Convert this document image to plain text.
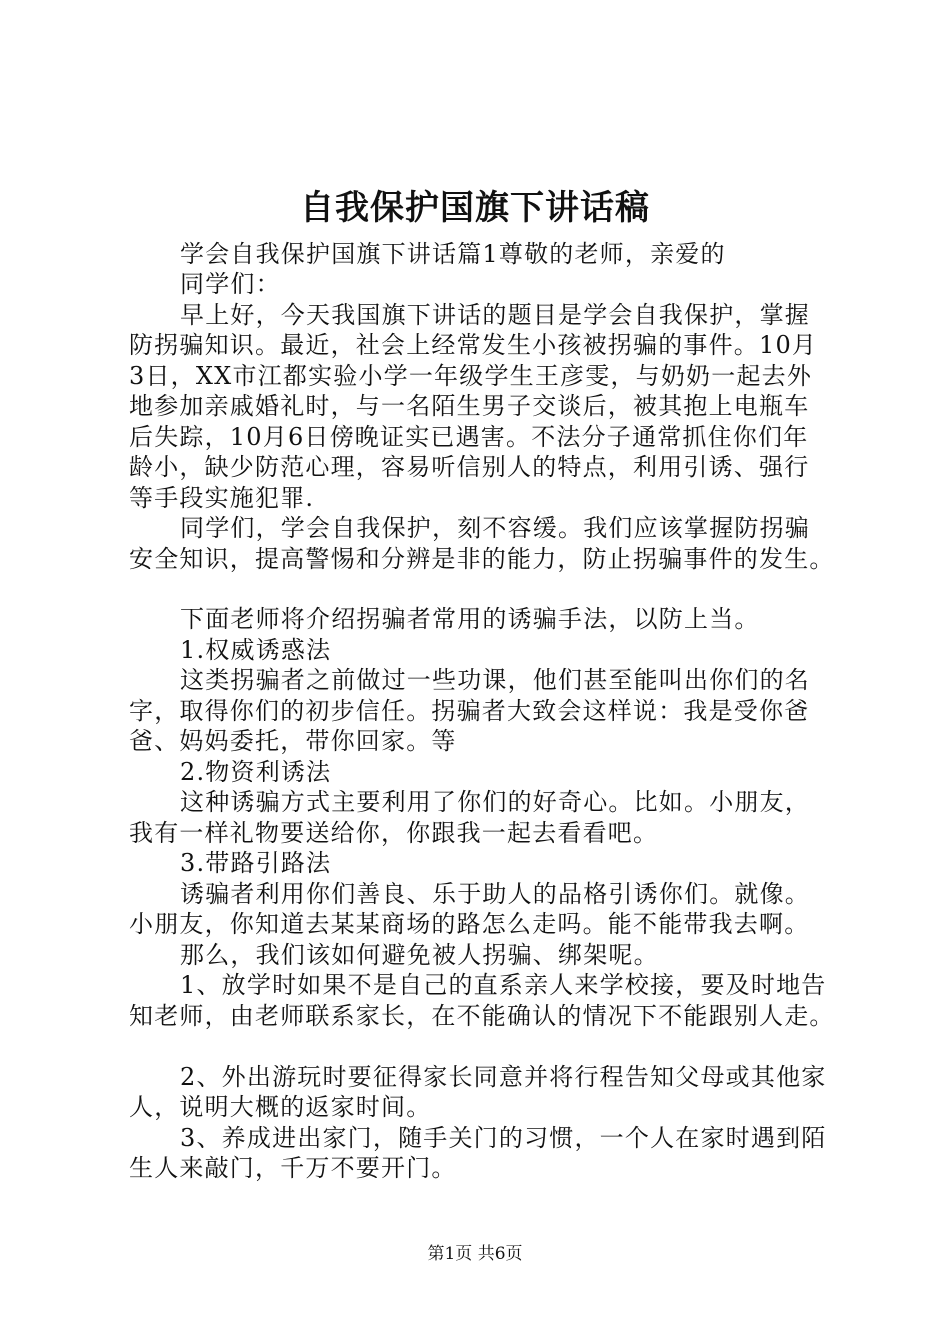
自我保护国旗下讲话稿
学会自我保护国旗下讲话篇1尊敬的老师，亲爱的
同学们：
早上好，今天我国旗下讲话的题目是学会自我保护，掌握
防拐骗知识。最近，社会上经常发生小孩被拐骗的事件。10月
3日，XX市江都实验小学一年级学生王彦雯，与奶奶一起去外
地参加亲戚婚礼时，与一名陌生男子交谈后，被其抱上电瓶车
后失踪，10月6日傍晚证实已遇害。不法分子通常抓住你们年
龄小，缺少防范心理，容易听信别人的特点，利用引诱、强行
等手段实施犯罪.
同学们，学会自我保护，刻不容缓。我们应该掌握防拐骗
安全知识，提高警惕和分辨是非的能力，防止拐骗事件的发生。
下面老师将介绍拐骗者常用的诱骗手法，以防上当。
1.权威诱惑法
这类拐骗者之前做过一些功课，他们甚至能叫出你们的名
字，取得你们的初步信任。拐骗者大致会这样说：我是受你爸
爸、妈妈委托，带你回家。等
2.物资利诱法
这种诱骗方式主要利用了你们的好奇心。比如。小朋友，
我有一样礼物要送给你，你跟我一起去看看吧。
3.带路引路法
诱骗者利用你们善良、乐于助人的品格引诱你们。就像。
小朋友，你知道去某某商场的路怎么走吗。能不能带我去啊。
那么，我们该如何避免被人拐骗、绑架呢。
1、放学时如果不是自己的直系亲人来学校接，要及时地告
知老师，由老师联系家长，在不能确认的情况下不能跟别人走。
2、外出游玩时要征得家长同意并将行程告知父母或其他家
人，说明大概的返家时间。
3、养成进出家门，随手关门的习惯，一个人在家时遇到陌
生人来敲门，千万不要开门。
第1页 共6页
